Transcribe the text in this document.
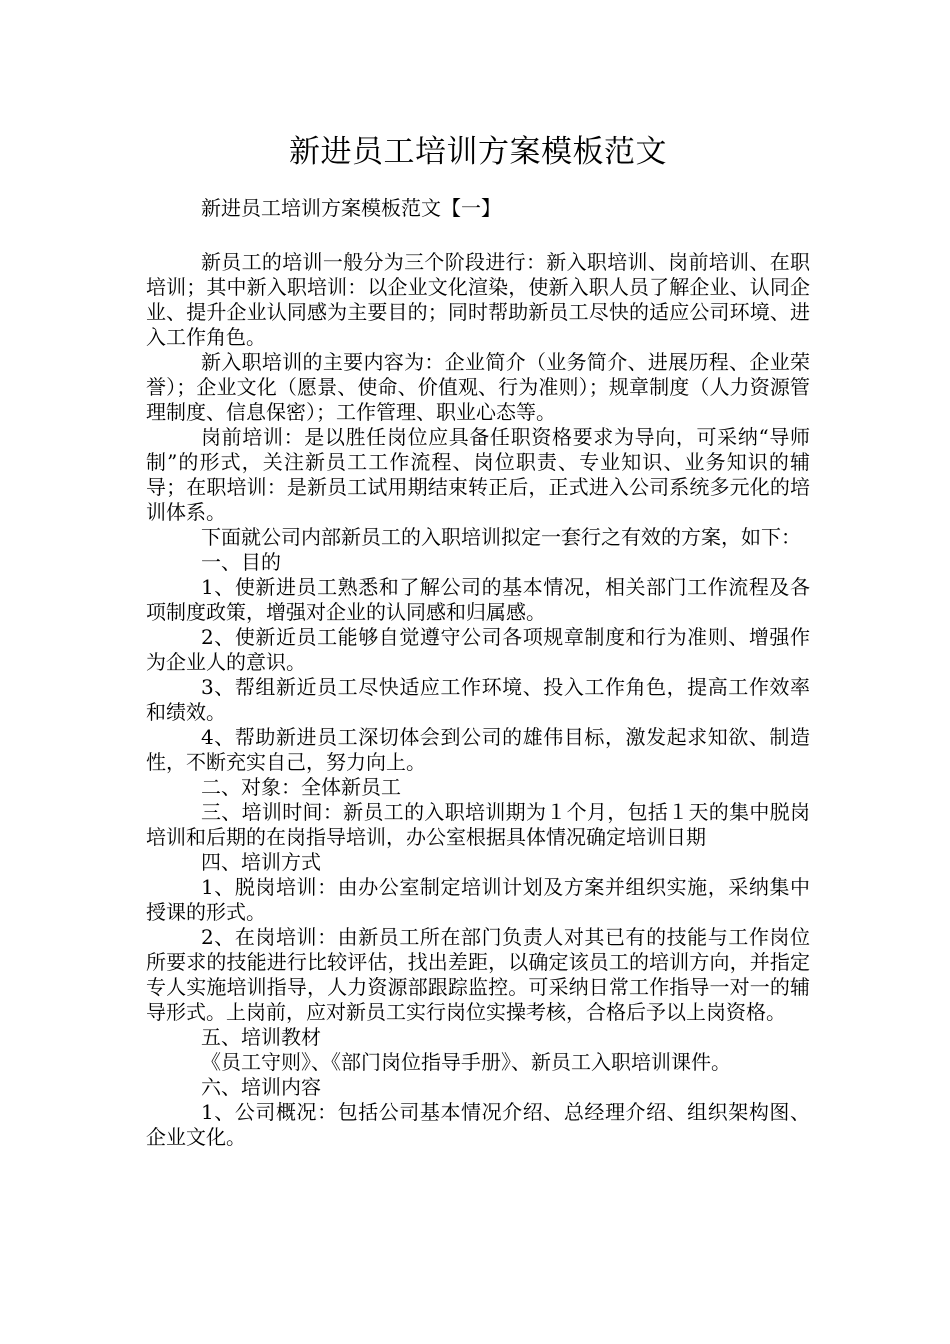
新进员工培训方案模板范文

新进员工培训方案模板范文【一】

新员工的培训一般分为三个阶段进行：新入职培训、岗前培训、在职培训；其中新入职培训：以企业文化渲染，使新入职人员了解企业、认同企业、提升企业认同感为主要目的；同时帮助新员工尽快的适应公司环境、进入工作角色。

新入职培训的主要内容为：企业简介（业务简介、进展历程、企业荣誉）；企业文化（愿景、使命、价值观、行为准则）；规章制度（人力资源管理制度、信息保密）；工作管理、职业心态等。

岗前培训：是以胜任岗位应具备任职资格要求为导向，可采纳“导师制”的形式，关注新员工工作流程、岗位职责、专业知识、业务知识的辅导；在职培训：是新员工试用期结束转正后，正式进入公司系统多元化的培训体系。

下面就公司内部新员工的入职培训拟定一套行之有效的方案，如下：

一、目的

1、使新进员工熟悉和了解公司的基本情况，相关部门工作流程及各项制度政策，增强对企业的认同感和归属感。

2、使新近员工能够自觉遵守公司各项规章制度和行为准则、增强作为企业人的意识。

3、帮组新近员工尽快适应工作环境、投入工作角色，提高工作效率和绩效。

4、帮助新进员工深切体会到公司的雄伟目标，激发起求知欲、制造性，不断充实自己，努力向上。

二、对象：全体新员工

三、培训时间：新员工的入职培训期为１个月，包括１天的集中脱岗培训和后期的在岗指导培训，办公室根据具体情况确定培训日期

四、培训方式

1、脱岗培训：由办公室制定培训计划及方案并组织实施，采纳集中授课的形式。

2、在岗培训：由新员工所在部门负责人对其已有的技能与工作岗位所要求的技能进行比较评估，找出差距，以确定该员工的培训方向，并指定专人实施培训指导，人力资源部跟踪监控。可采纳日常工作指导一对一的辅导形式。上岗前，应对新员工实行岗位实操考核，合格后予以上岗资格。

五、培训教材

《员工守则》、《部门岗位指导手册》、新员工入职培训课件。

六、培训内容

1、公司概况：包括公司基本情况介绍、总经理介绍、组织架构图、企业文化。
